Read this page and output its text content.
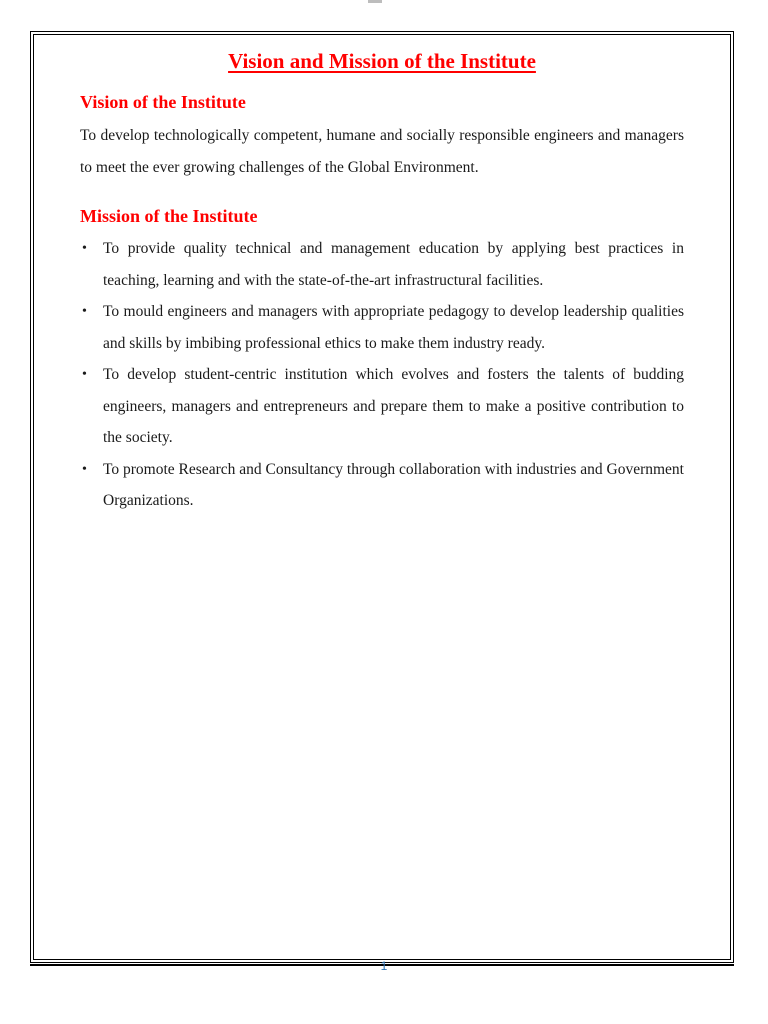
Vision and Mission of the Institute
Vision of the Institute

To develop technologically competent, humane and socially responsible engineers and managers to meet the ever growing challenges of the Global Environment.

Mission of the Institute
• To provide quality technical and management education by applying best practices in teaching, learning and with the state-of-the-art infrastructural facilities.
• To mould engineers and managers with appropriate pedagogy to develop leadership qualities and skills by imbibing professional ethics to make them industry ready.
• To develop student-centric institution which evolves and fosters the talents of budding engineers, managers and entrepreneurs and prepare them to make a positive contribution to the society.
• To promote Research and Consultancy through collaboration with industries and Government Organizations.
1
